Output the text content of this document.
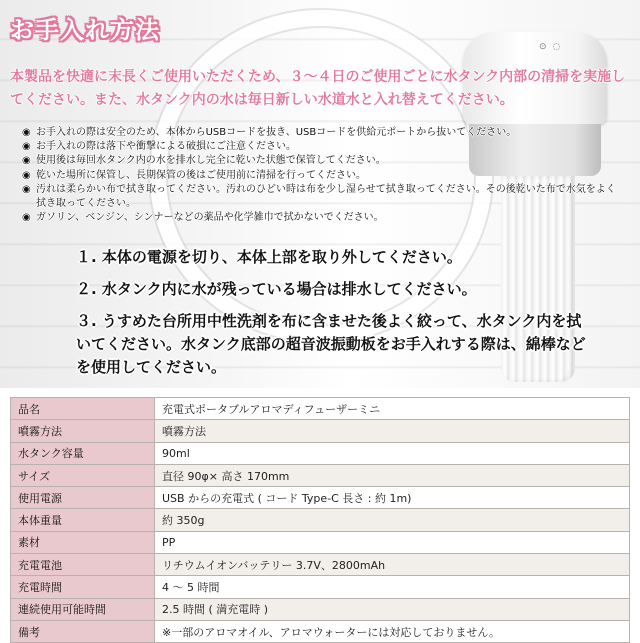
⊙◌
お手入れ方法

本製品を快適に末長くご使用いただくため、３〜４日のご使用ごとに水タンク内部の清掃を実施してください。また、水タンク内の水は毎日新しい水道水と入れ替えてください。

◉ お手入れの際は安全のため、本体からUSBコードを抜き、USBコードを供給元ポートから抜いてください。
◉ お手入れの際は落下や衝撃による破損にご注意ください。
◉ 使用後は毎回水タンク内の水を排水し完全に乾いた状態で保管してください。
◉ 乾いた場所に保管し、長期保管の後はご使用前に清掃を行ってください。
◉ 汚れは柔らかい布で拭き取ってください。汚れのひどい時は布を少し湿らせて拭き取ってください。その後乾いた布で水気をよく拭き取ってください。
◉ ガソリン、ベンジン、シンナーなどの薬品や化学雑巾で拭かないでください。
１. 本体の電源を切り、本体上部を取り外してください。
２. 水タンク内に水が残っている場合は排水してください。
３. うすめた台所用中性洗剤を布に含ませた後よく絞って、水タンク内を拭いてください。水タンク底部の超音波振動板をお手入れする際は、綿棒などを使用してください。
品名	充電式ポータブルアロマディフューザーミニ
噴霧方法	噴霧方法
水タンク容量	90ml
サイズ	直径 90φ× 高さ 170mm
使用電源	USB からの充電式 ( コード Type-C 長さ : 約 1m)
本体重量	約 350g
素材	PP
充電電池	リチウムイオンバッテリー 3.7V、2800mAh
充電時間	4 〜 5 時間
連続使用可能時間	2.5 時間 ( 満充電時 )
備考	※一部のアロマオイル、アロマウォーターには対応しておりません。
